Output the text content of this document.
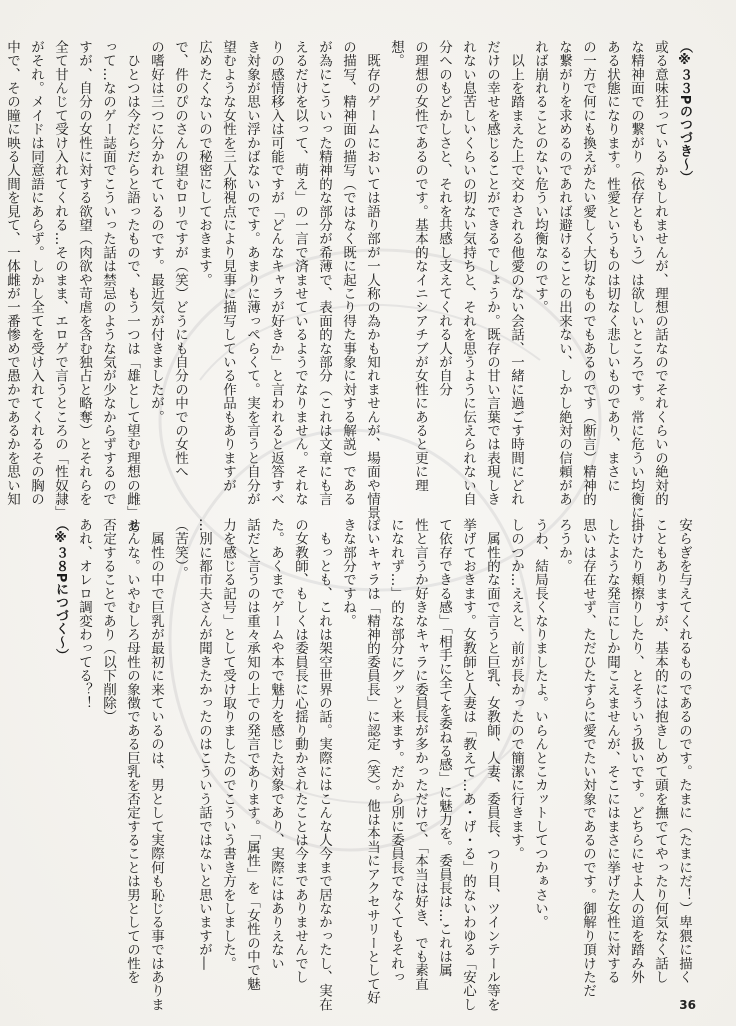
（※３３Pのつづき～）

或る意味狂っているかもしれませんが、理想の話なのでそれくらいの絶対的

な精神面での繋がり（依存ともいう）は欲しいところです。常に危うい均衡に

ある状態になります。性愛というものは切なく悲しいものであり、まさに

の一方で何にも換えがたい愛しく大切なものでもあるのです（断言）精神的

な繋がりを求めるのであれば避けることの出来ない、しかし絶対の信頼があ

れば崩れることのない危うい均衡なのです。

　以上を踏まえた上で交わされる他愛のない会話、一緒に過ごす時間にどれ

だけの幸せを感じることができるでしょうか。既存の甘い言葉では表現しき

れない息苦しいくらいの切ない気持ちと、それを思うように伝えられない自

分へのもどかしさと、それを共感し支えてくれる人が自分

の理想の女性であるのです。基本的なイニシアチブが女性にあると更に理

想。

　既存のゲームにおいては語り部が一人称の為かも知れませんが、場面や情景

の描写、精神面の描写（ではなく既に起こり得た事象に対する解説）である

が為にこういった精神的な部分が希薄で、表面的な部分（これは文章にも言

えるだけを以って、萌え」の一言で済ませているようでなりません。それな

りの感情移入は可能ですが「どんなキャラが好きか」と言われると返答すべ

き対象が思い浮かばないのです。あまりに薄っぺらくて。実を言うと自分が

望むような女性を三人称視点により見事に描写している作品もありますが

広めたくないので秘密にしておきます。

で、件のぴのさんの望むロリですが（笑）どうにも自分の中での女性へ

の嗜好は三つに分かれているのです。最近気が付きましたが。

　ひとつは今だらだらと語ったもので、もう一つは「雄として望む理想の雌」あ

って…なのゲー誌面でこういった話は禁忌のような気が少なからずするので

すが、自分の女性に対する欲望（肉欲や苛虐を含む独占と略奪）とそれらを

全て甘んじて受け入れてくれる…そのまま、エロゲで言うところの「性奴隷」

がそれ。メイドは同意語にあらず。しかし全てを受け入れてくれるその胸の

中で、その瞳に映る人間を見て、一体雌が一番惨めで愚かであるかを思い知

安らぎを与えてくれるものであるのです。たまに（たまにだ！）卑猥に描く

こともありますが、基本的には抱きしめて頭を撫でてやったり何気なく話し

掛けたり頬擦りしたり、とそういう扱いです。どちらにせよ人の道を踏み外

したような発言にしか聞こえませんが、そこにはまさに挙げた女性に対する

思いは存在せず、ただひたすらに愛でたい対象であるのです。御解り頂けただ

ろうか。

うわ、結局長くなりましたよ。いらんとこカットしてつかぁさい。

しのつか…ええと、前が長かったので簡潔に行きます。

　属性的な面で言うと巨乳、女教師、人妻、委員長、つり目、ツインテール等を

挙げておきます。女教師と人妻は「教えて…あ・げ・る」的ないわゆる「安心し

て依存できる感」「相手に全てを委ねる感」に魅力を。委員長は…これは属

性と言うか好きなキャラに委員長が多かっただけで、「本当は好き、でも素直

になれず…」的な部分にグッと来ます。だから別に委員長でなくてもそれっ

ぽいキャラは「精神的委員長」に認定（笑）。他は本当にアクセサリーとして好

きな部分ですね。

　もっとも、これは架空世界の話。実際にはこんな人今まで居なかったし、実在

の女教師、もしくは委員長に心揺り動かされたことは今までありませんでし

た。あくまでゲームや本で魅力を感じた対象であり、実際にはありえない

話だと言うのは重々承知の上での発言であります。「属性」を「女性の中で魅

力を感じる記号」として受け取りましたのでこういう書き方をしました。

…別に都市夫さんが聞きたかったのはこういう話ではないと思いますが―

（苦笑）。

　属性の中で巨乳が最初に来ているのは、男として実際何も恥じる事ではありま

せんな。いやむしろ母性の象徴である巨乳を否定することは男としての性を

否定することであり（以下削除）

あれ、オレロ調変わってる？！

（※３８Pにつづく～）

36
